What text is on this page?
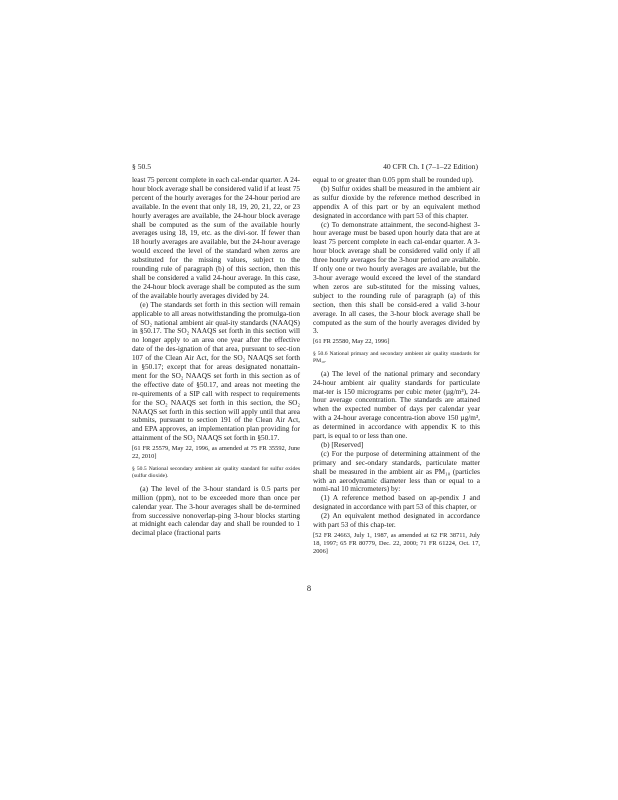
§ 50.5	40 CFR Ch. I (7–1–22 Edition)

least 75 percent complete in each cal-endar quarter. A 24-hour block average shall be considered valid if at least 75 percent of the hourly averages for the 24-hour period are available. In the event that only 18, 19, 20, 21, 22, or 23 hourly averages are available, the 24-hour block average shall be computed as the sum of the available hourly averages using 18, 19, etc. as the divi-sor. If fewer than 18 hourly averages are available, but the 24-hour average would exceed the level of the standard when zeros are substituted for the missing values, subject to the rounding rule of paragraph (b) of this section, then this shall be considered a valid 24-hour average. In this case, the 24-hour block average shall be computed as the sum of the available hourly averages divided by 24.

(e) The standards set forth in this section will remain applicable to all areas notwithstanding the promulga-tion of SO₂ national ambient air qual-ity standards (NAAQS) in §50.17. The SO₂ NAAQS set forth in this section will no longer apply to an area one year after the effective date of the des-ignation of that area, pursuant to sec-tion 107 of the Clean Air Act, for the SO₂ NAAQS set forth in §50.17; except that for areas designated nonattain-ment for the SO₂ NAAQS set forth in this section as of the effective date of §50.17, and areas not meeting the re-quirements of a SIP call with respect to requirements for the SO₂ NAAQS set forth in this section, the SO₂ NAAQS set forth in this section will apply until that area submits, pursuant to section 191 of the Clean Air Act, and EPA approves, an implementation plan providing for attainment of the SO₂ NAAQS set forth in §50.17.

[61 FR 25579, May 22, 1996, as amended at 75 FR 35592, June 22, 2010]

§ 50.5 National secondary ambient air quality standard for sulfur oxides (sulfur dioxide).

(a) The level of the 3-hour standard is 0.5 parts per million (ppm), not to be exceeded more than once per calendar year. The 3-hour averages shall be de-termined from successive nonoverlap-ping 3-hour blocks starting at midnight each calendar day and shall be rounded to 1 decimal place (fractional parts

equal to or greater than 0.05 ppm shall be rounded up).

(b) Sulfur oxides shall be measured in the ambient air as sulfur dioxide by the reference method described in appendix A of this part or by an equivalent method designated in accordance with part 53 of this chapter.

(c) To demonstrate attainment, the second-highest 3-hour average must be based upon hourly data that are at least 75 percent complete in each cal-endar quarter. A 3-hour block average shall be considered valid only if all three hourly averages for the 3-hour period are available. If only one or two hourly averages are available, but the 3-hour average would exceed the level of the standard when zeros are sub-stituted for the missing values, subject to the rounding rule of paragraph (a) of this section, then this shall be consid-ered a valid 3-hour average. In all cases, the 3-hour block average shall be computed as the sum of the hourly averages divided by 3.

[61 FR 25580, May 22, 1996]

§ 50.6 National primary and secondary ambient air quality standards for PM₁₀.

(a) The level of the national primary and secondary 24-hour ambient air quality standards for particulate mat-ter is 150 micrograms per cubic meter (µg/m³), 24-hour average concentration. The standards are attained when the expected number of days per calendar year with a 24-hour average concentra-tion above 150 µg/m³, as determined in accordance with appendix K to this part, is equal to or less than one.

(b) [Reserved]

(c) For the purpose of determining attainment of the primary and sec-ondary standards, particulate matter shall be measured in the ambient air as PM₁₀ (particles with an aerodynamic diameter less than or equal to a nomi-nal 10 micrometers) by:

(1) A reference method based on ap-pendix J and designated in accordance with part 53 of this chapter, or

(2) An equivalent method designated in accordance with part 53 of this chap-ter.

[52 FR 24663, July 1, 1987, as amended at 62 FR 38711, July 18, 1997; 65 FR 80779, Dec. 22, 2000; 71 FR 61224, Oct. 17, 2006]

8
